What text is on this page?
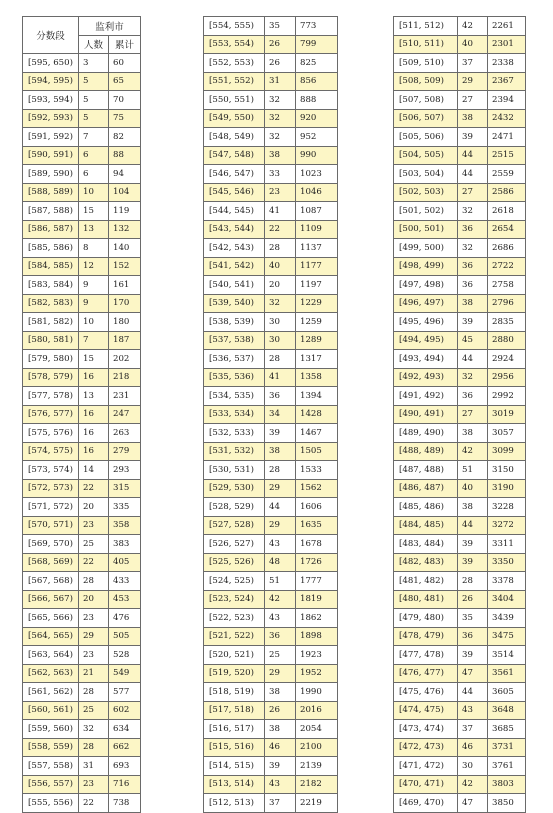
分数段	监利市	
	人数	累计
[595, 650)	3	60
[594, 595)	5	65
[593, 594)	5	70
[592, 593)	5	75
[591, 592)	7	82
[590, 591)	6	88
[589, 590)	6	94
[588, 589)	10	104
[587, 588)	15	119
[586, 587)	13	132
[585, 586)	8	140
[584, 585)	12	152
[583, 584)	9	161
[582, 583)	9	170
[581, 582)	10	180
[580, 581)	7	187
[579, 580)	15	202
[578, 579)	16	218
[577, 578)	13	231
[576, 577)	16	247
[575, 576)	16	263
[574, 575)	16	279
[573, 574)	14	293
[572, 573)	22	315
[571, 572)	20	335
[570, 571)	23	358
[569, 570)	25	383
[568, 569)	22	405
[567, 568)	28	433
[566, 567)	20	453
[565, 566)	23	476
[564, 565)	29	505
[563, 564)	23	528
[562, 563)	21	549
[561, 562)	28	577
[560, 561)	25	602
[559, 560)	32	634
[558, 559)	28	662
[557, 558)	31	693
[556, 557)	23	716
[555, 556)	22	738
[554, 555)	35	773
[553, 554)	26	799
[552, 553)	26	825
[551, 552)	31	856
[550, 551)	32	888
[549, 550)	32	920
[548, 549)	32	952
[547, 548)	38	990
[546, 547)	33	1023
[545, 546)	23	1046
[544, 545)	41	1087
[543, 544)	22	1109
[542, 543)	28	1137
[541, 542)	40	1177
[540, 541)	20	1197
[539, 540)	32	1229
[538, 539)	30	1259
[537, 538)	30	1289
[536, 537)	28	1317
[535, 536)	41	1358
[534, 535)	36	1394
[533, 534)	34	1428
[532, 533)	39	1467
[531, 532)	38	1505
[530, 531)	28	1533
[529, 530)	29	1562
[528, 529)	44	1606
[527, 528)	29	1635
[526, 527)	43	1678
[525, 526)	48	1726
[524, 525)	51	1777
[523, 524)	42	1819
[522, 523)	43	1862
[521, 522)	36	1898
[520, 521)	25	1923
[519, 520)	29	1952
[518, 519)	38	1990
[517, 518)	26	2016
[516, 517)	38	2054
[515, 516)	46	2100
[514, 515)	39	2139
[513, 514)	43	2182
[512, 513)	37	2219
[511, 512)	42	2261
[510, 511)	40	2301
[509, 510)	37	2338
[508, 509)	29	2367
[507, 508)	27	2394
[506, 507)	38	2432
[505, 506)	39	2471
[504, 505)	44	2515
[503, 504)	44	2559
[502, 503)	27	2586
[501, 502)	32	2618
[500, 501)	36	2654
[499, 500)	32	2686
[498, 499)	36	2722
[497, 498)	36	2758
[496, 497)	38	2796
[495, 496)	39	2835
[494, 495)	45	2880
[493, 494)	44	2924
[492, 493)	32	2956
[491, 492)	36	2992
[490, 491)	27	3019
[489, 490)	38	3057
[488, 489)	42	3099
[487, 488)	51	3150
[486, 487)	40	3190
[485, 486)	38	3228
[484, 485)	44	3272
[483, 484)	39	3311
[482, 483)	39	3350
[481, 482)	28	3378
[480, 481)	26	3404
[479, 480)	35	3439
[478, 479)	36	3475
[477, 478)	39	3514
[476, 477)	47	3561
[475, 476)	44	3605
[474, 475)	43	3648
[473, 474)	37	3685
[472, 473)	46	3731
[471, 472)	30	3761
[470, 471)	42	3803
[469, 470)	47	3850
